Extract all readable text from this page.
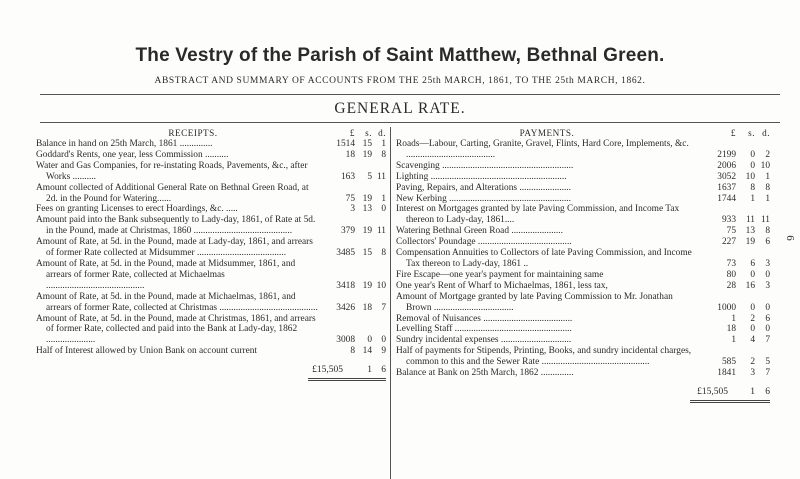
The Vestry of the Parish of Saint Matthew, Bethnal Green.
ABSTRACT AND SUMMARY OF ACCOUNTS FROM THE 25th MARCH, 1861, TO THE 25th MARCH, 1862.
GENERAL RATE.
6
RECEIPTS.	£	s. d.
Balance in hand on 25th March, 1861 ..............	1514 15 1
Goddard's Rents, one year, less Commission ..........	18 19 8
Water and Gas Companies, for re-instating Roads, Pavements, &c., after Works ..........	163	5 11
Amount collected of Additional General Rate on Bethnal Green Road, at 2d. in the Pound for Watering......	75 19 1
Fees on granting Licenses to erect Hoardings, &c. .....	3 13 0
Amount paid into the Bank subsequently to Lady-day, 1861, of Rate at 5d. in the Pound, made at Christmas, 1860 ..........................................	379 19 11
Amount of Rate, at 5d. in the Pound, made at Lady-day, 1861, and arrears of former Rate collected at Midsummer ......................................	3485 15 8
Amount of Rate, at 5d. in the Pound, made at Midsummer, 1861, and arrears of former Rate, collected at Michaelmas ..........................................	3418 19 10
Amount of Rate, at 5d. in the Pound, made at Michaelmas, 1861, and arrears of former Rate, collected at Christmas ..........................................	3426 18 7
Amount of Rate, at 5d. in the Pound, made at Christmas, 1861, and arrears of former Rate, collected and paid into the Bank at Lady-day, 1862 .....................	3008	0 0
Half of Interest allowed by Union Bank on account current	8 14 9
£15,505	1 6
PAYMENTS.	£	s. d.
Roads—Labour, Carting, Granite, Gravel, Flints, Hard Core, Implements, &c. ......................................	2199	0	2
Scavenging ........................................................	2006	0 10
Lighting ..........................................................	3052	10	1
Paving, Repairs, and Alterations ......................	1637	8	8
New Kerbing ....................................................	1744	1	1
Interest on Mortgages granted by late Paving Commission, and Income Tax thereon to Lady-day, 1861....	933	11 11
Watering Bethnal Green Road ......................	75	13	8
Collectors' Poundage ........................................	227	19	6
Compensation Annuities to Collectors of late Paving Commission, and Income Tax thereon to Lady-day, 1861 ..	73	6	3
Fire Escape—one year's payment for maintaining same	80	0	0
One year's Rent of Wharf to Michaelmas, 1861, less tax,	28	16	3
Amount of Mortgage granted by late Paving Commission to Mr. Jonathan Brown ..................................	1000	0	0
Removal of Nuisances ......................................	1	2	6
Levelling Staff ..................................................	18	0	0
Sundry incidental expenses ..............................	1	4	7
Half of payments for Stipends, Printing, Books, and sundry incidental charges, common to this and the Sewer Rate ..............................................	585	2	5
Balance at Bank on 25th March, 1862 ..............	1841	3	7
£15,505	1	6
